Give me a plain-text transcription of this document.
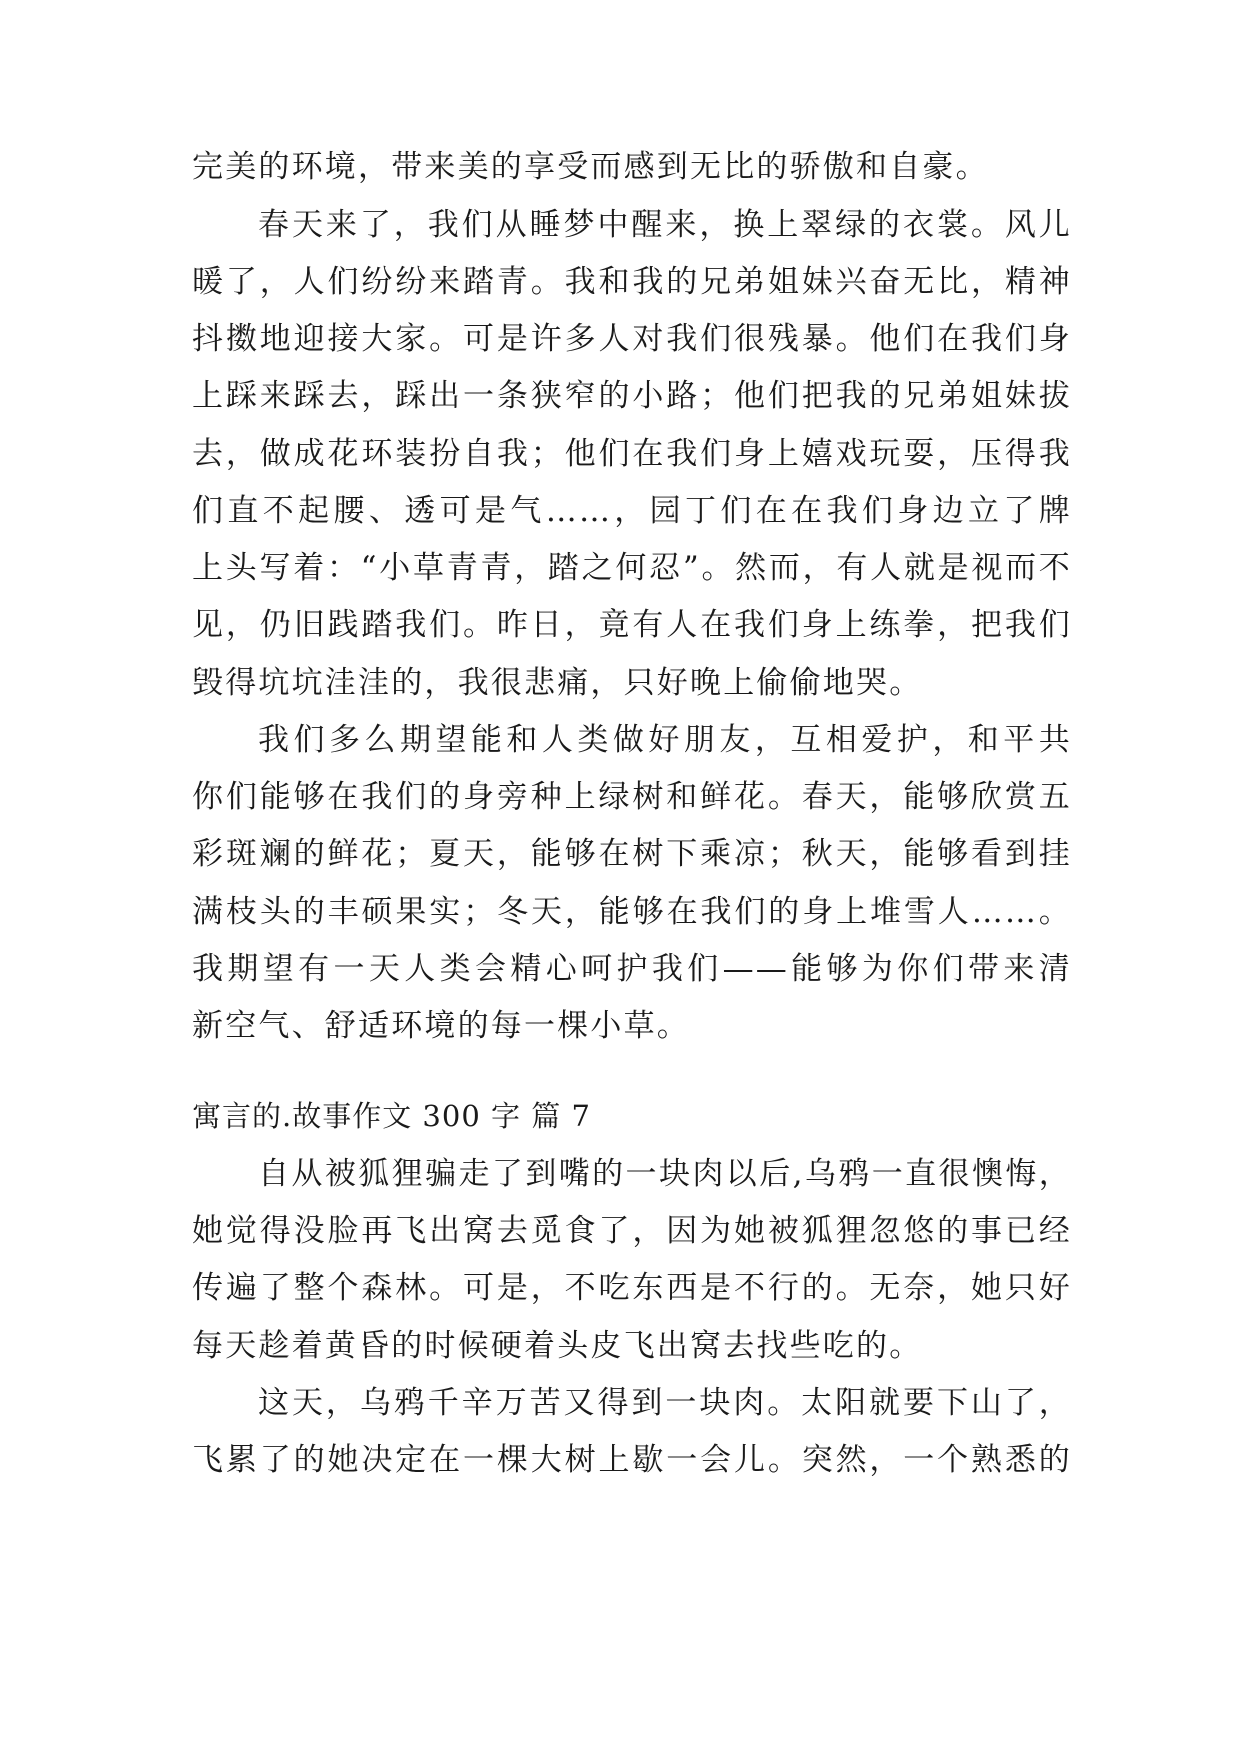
完美的环境，带来美的享受而感到无比的骄傲和自豪。
春天来了，我们从睡梦中醒来，换上翠绿的衣裳。风儿
暖了，人们纷纷来踏青。我和我的兄弟姐妹兴奋无比，精神
抖擞地迎接大家。可是许多人对我们很残暴。他们在我们身
上踩来踩去，踩出一条狭窄的小路；他们把我的兄弟姐妹拔
去，做成花环装扮自我；他们在我们身上嬉戏玩耍，压得我
们直不起腰、透可是气……，园丁们在在我们身边立了牌
上头写着：“小草青青，踏之何忍”。然而，有人就是视而不
见，仍旧践踏我们。昨日，竟有人在我们身上练拳，把我们
毁得坑坑洼洼的，我很悲痛，只好晚上偷偷地哭。
我们多么期望能和人类做好朋友，互相爱护，和平共
你们能够在我们的身旁种上绿树和鲜花。春天，能够欣赏五
彩斑斓的鲜花；夏天，能够在树下乘凉；秋天，能够看到挂
满枝头的丰硕果实；冬天，能够在我们的身上堆雪人……。
我期望有一天人类会精心呵护我们——能够为你们带来清
新空气、舒适环境的每一棵小草。
寓言的.故事作文 300 字 篇 7
自从被狐狸骗走了到嘴的一块肉以后,乌鸦一直很懊悔，
她觉得没脸再飞出窝去觅食了，因为她被狐狸忽悠的事已经
传遍了整个森林。可是，不吃东西是不行的。无奈，她只好
每天趁着黄昏的时候硬着头皮飞出窝去找些吃的。
这天，乌鸦千辛万苦又得到一块肉。太阳就要下山了，
飞累了的她决定在一棵大树上歇一会儿。突然，一个熟悉的
